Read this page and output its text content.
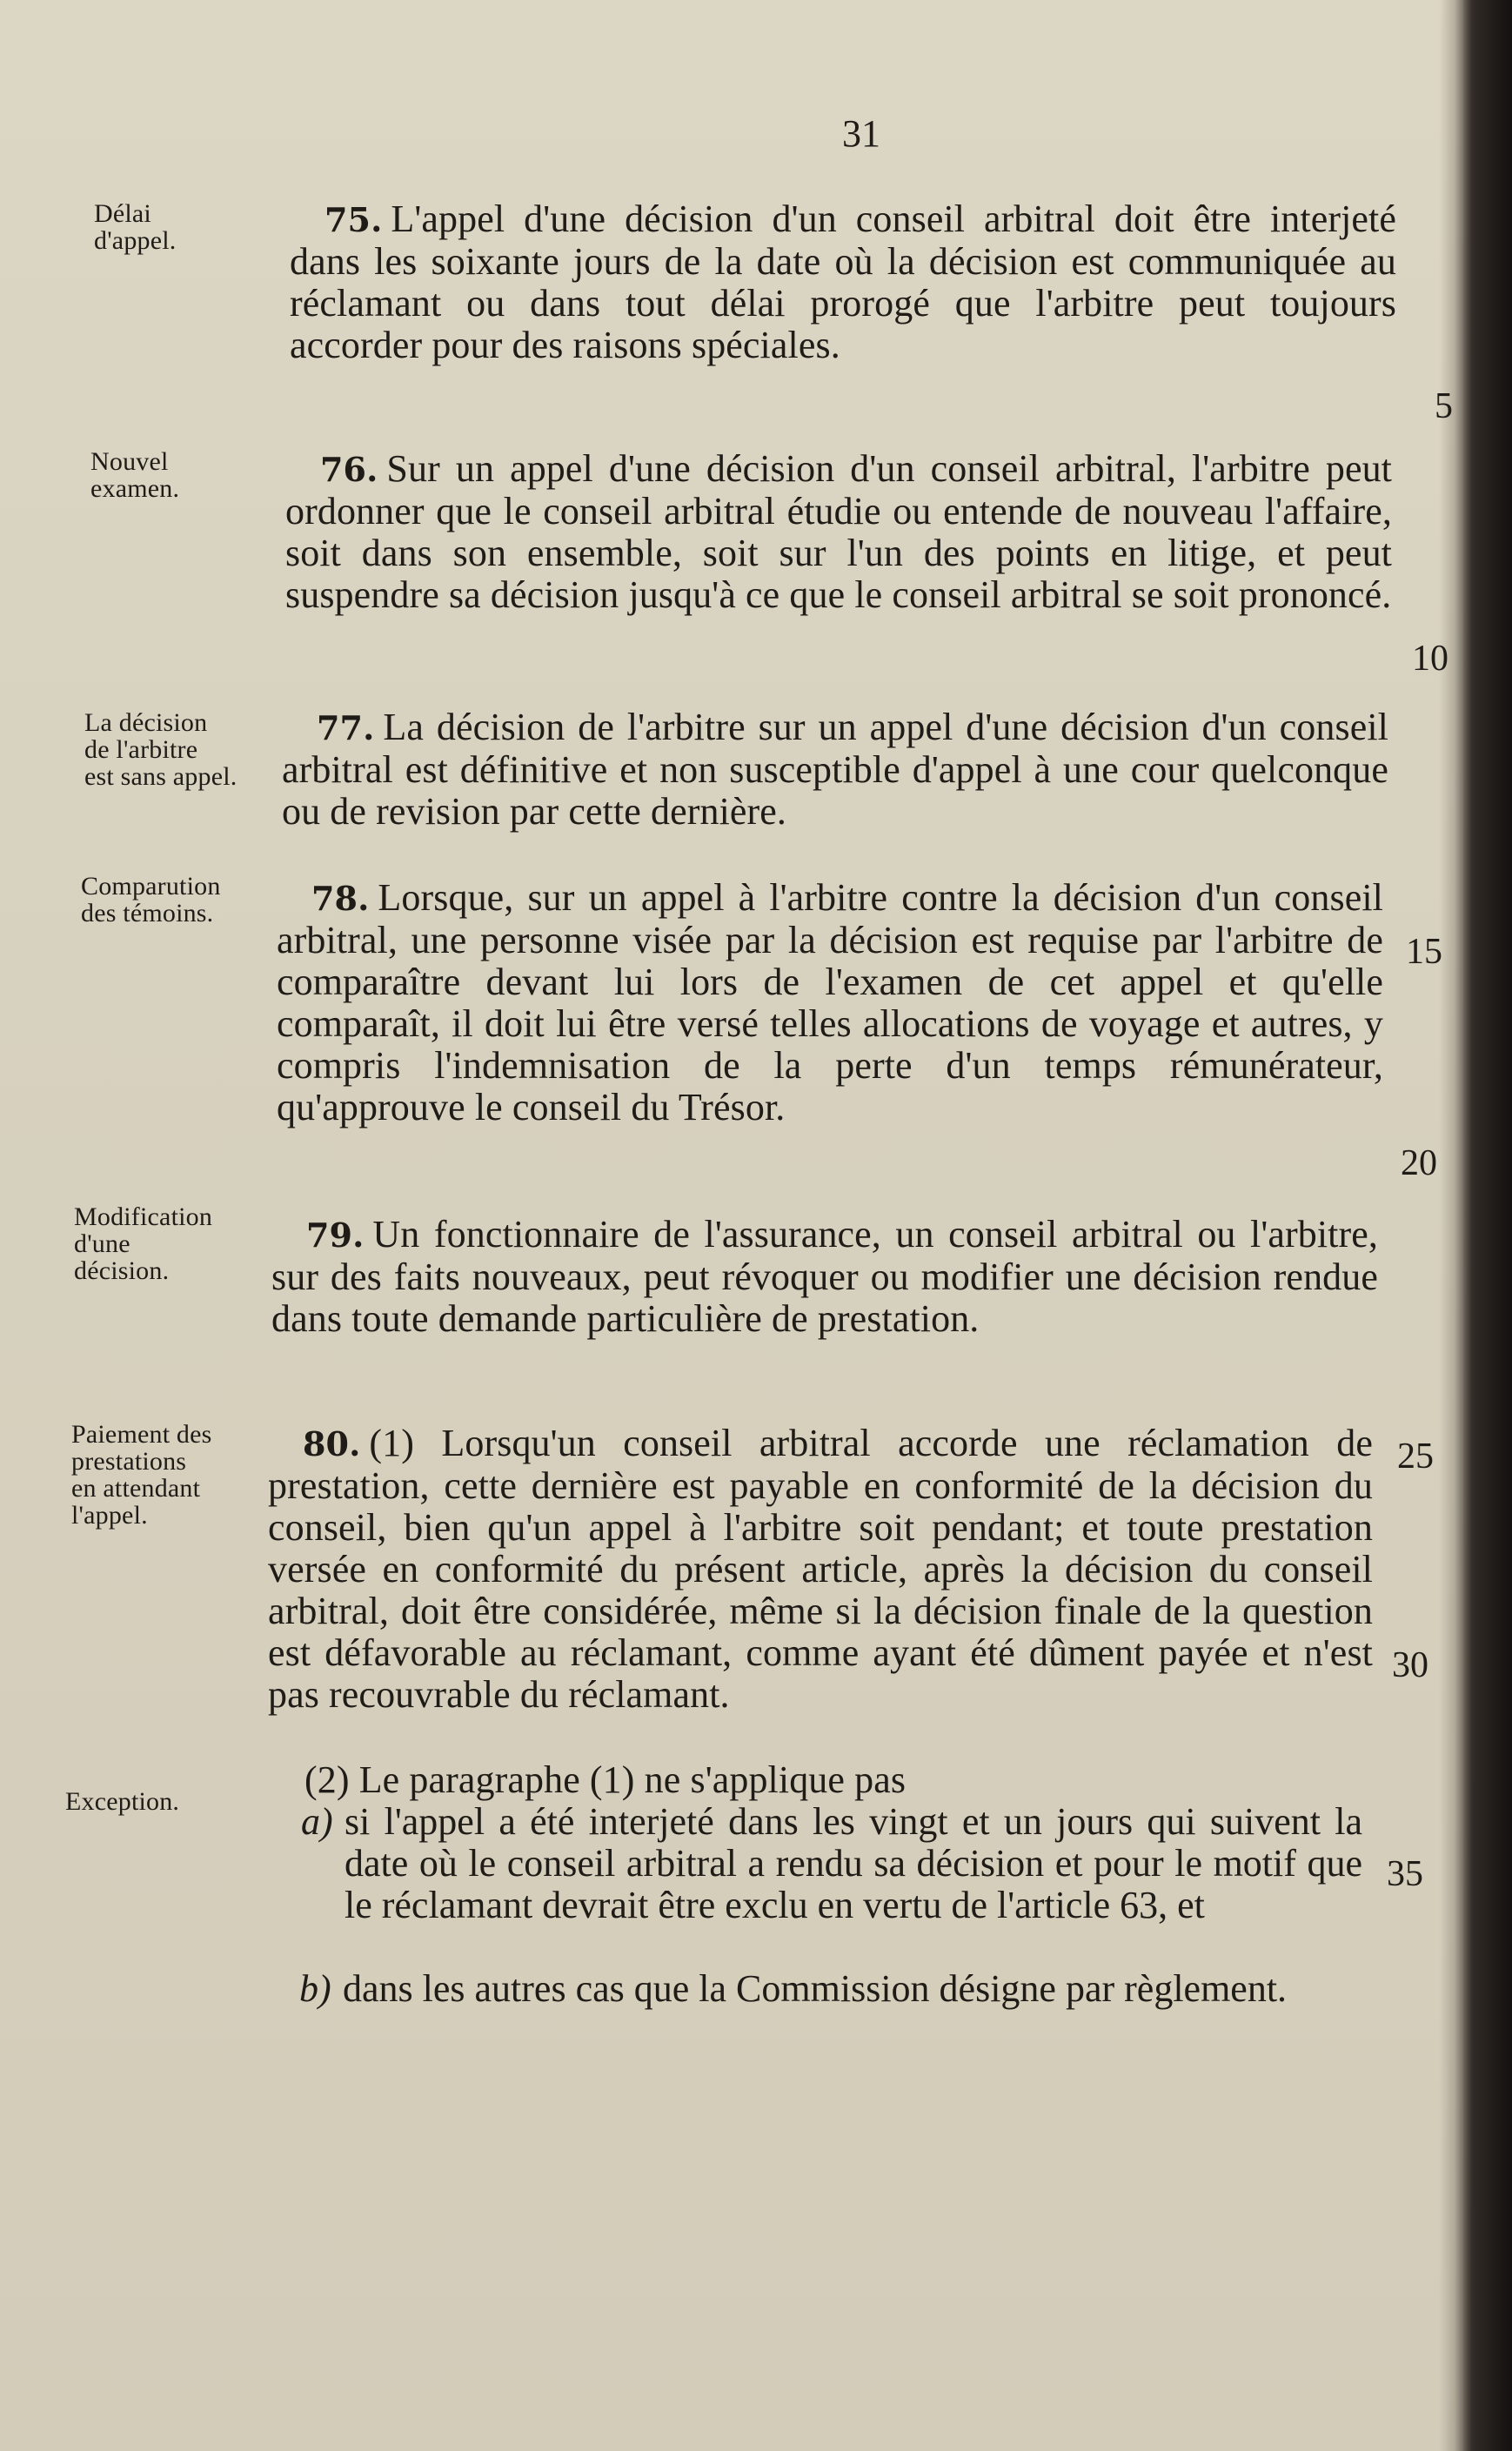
31
Délai
d'appel.
Nouvel
examen.
La décision
de l'arbitre
est sans appel.
Comparution
des témoins.
Modification
d'une
décision.
Paiement des
prestations
en attendant
l'appel.
Exception.
75. L'appel d'une décision d'un conseil arbitral doit être interjeté dans les soixante jours de la date où la décision est communiquée au réclamant ou dans tout délai prorogé que l'arbitre peut toujours accorder pour des raisons spéciales.
76. Sur un appel d'une décision d'un conseil arbitral, l'arbitre peut ordonner que le conseil arbitral étudie ou entende de nouveau l'affaire, soit dans son ensemble, soit sur l'un des points en litige, et peut suspendre sa décision jusqu'à ce que le conseil arbitral se soit prononcé.
77. La décision de l'arbitre sur un appel d'une décision d'un conseil arbitral est définitive et non susceptible d'appel à une cour quelconque ou de revision par cette dernière.
78. Lorsque, sur un appel à l'arbitre contre la décision d'un conseil arbitral, une personne visée par la décision est requise par l'arbitre de comparaître devant lui lors de l'examen de cet appel et qu'elle comparaît, il doit lui être versé telles allocations de voyage et autres, y compris l'indemnisation de la perte d'un temps rémunérateur, qu'approuve le conseil du Trésor.
79. Un fonctionnaire de l'assurance, un conseil arbitral ou l'arbitre, sur des faits nouveaux, peut révoquer ou modifier une décision rendue dans toute demande particulière de prestation.
80. (1) Lorsqu'un conseil arbitral accorde une réclamation de prestation, cette dernière est payable en conformité de la décision du conseil, bien qu'un appel à l'arbitre soit pendant; et toute prestation versée en conformité du présent article, après la décision du conseil arbitral, doit être considérée, même si la décision finale de la question est défavorable au réclamant, comme ayant été dûment payée et n'est pas recouvrable du réclamant.
(2) Le paragraphe (1) ne s'applique pas
a) si l'appel a été interjeté dans les vingt et un jours qui suivent la date où le conseil arbitral a rendu sa décision et pour le motif que le réclamant devrait être exclu en vertu de l'article 63, et
b) dans les autres cas que la Commission désigne par règlement.
5
10
15
20
25
30
35
